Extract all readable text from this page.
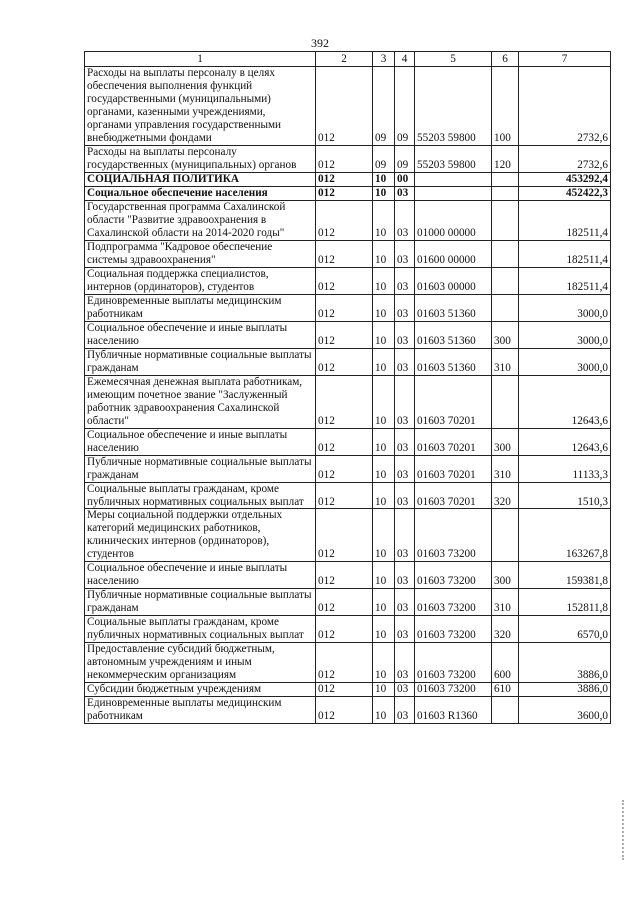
392
1	2	3	4	5	6	7
Расходы на выплаты персоналу в целях обеспечения выполнения функций государственными (муниципальными) органами, казенными учреждениями, органами управления государственными внебюджетными фондами	012	09	09	55203 59800	100	2732,6
Расходы на выплаты персоналу государственных (муниципальных) органов	012	09	09	55203 59800	120	2732,6
СОЦИАЛЬНАЯ ПОЛИТИКА	012	10	00			453292,4
Социальное обеспечение населения	012	10	03			452422,3
Государственная программа Сахалинской области "Развитие здравоохранения в Сахалинской области на 2014-2020 годы"	012	10	03	01000 00000		182511,4
Подпрограмма "Кадровое обеспечение системы здравоохранения"	012	10	03	01600 00000		182511,4
Социальная поддержка специалистов, интернов (ординаторов), студентов	012	10	03	01603 00000		182511,4
Единовременные выплаты медицинским работникам	012	10	03	01603 51360		3000,0
Социальное обеспечение и иные выплаты населению	012	10	03	01603 51360	300	3000,0
Публичные нормативные социальные выплаты гражданам	012	10	03	01603 51360	310	3000,0
Ежемесячная денежная выплата работникам, имеющим почетное звание "Заслуженный работник здравоохранения Сахалинской области"	012	10	03	01603 70201		12643,6
Социальное обеспечение и иные выплаты населению	012	10	03	01603 70201	300	12643,6
Публичные нормативные социальные выплаты гражданам	012	10	03	01603 70201	310	11133,3
Социальные выплаты гражданам, кроме публичных нормативных социальных выплат	012	10	03	01603 70201	320	1510,3
Меры социальной поддержки отдельных категорий медицинских работников, клинических интернов (ординаторов), студентов	012	10	03	01603 73200		163267,8
Социальное обеспечение и иные выплаты населению	012	10	03	01603 73200	300	159381,8
Публичные нормативные социальные выплаты гражданам	012	10	03	01603 73200	310	152811,8
Социальные выплаты гражданам, кроме публичных нормативных социальных выплат	012	10	03	01603 73200	320	6570,0
Предоставление субсидий бюджетным, автономным учреждениям и иным некоммерческим организациям	012	10	03	01603 73200	600	3886,0
Субсидии бюджетным учреждениям	012	10	03	01603 73200	610	3886,0
Единовременные выплаты медицинским работникам	012	10	03	01603 R1360		3600,0
